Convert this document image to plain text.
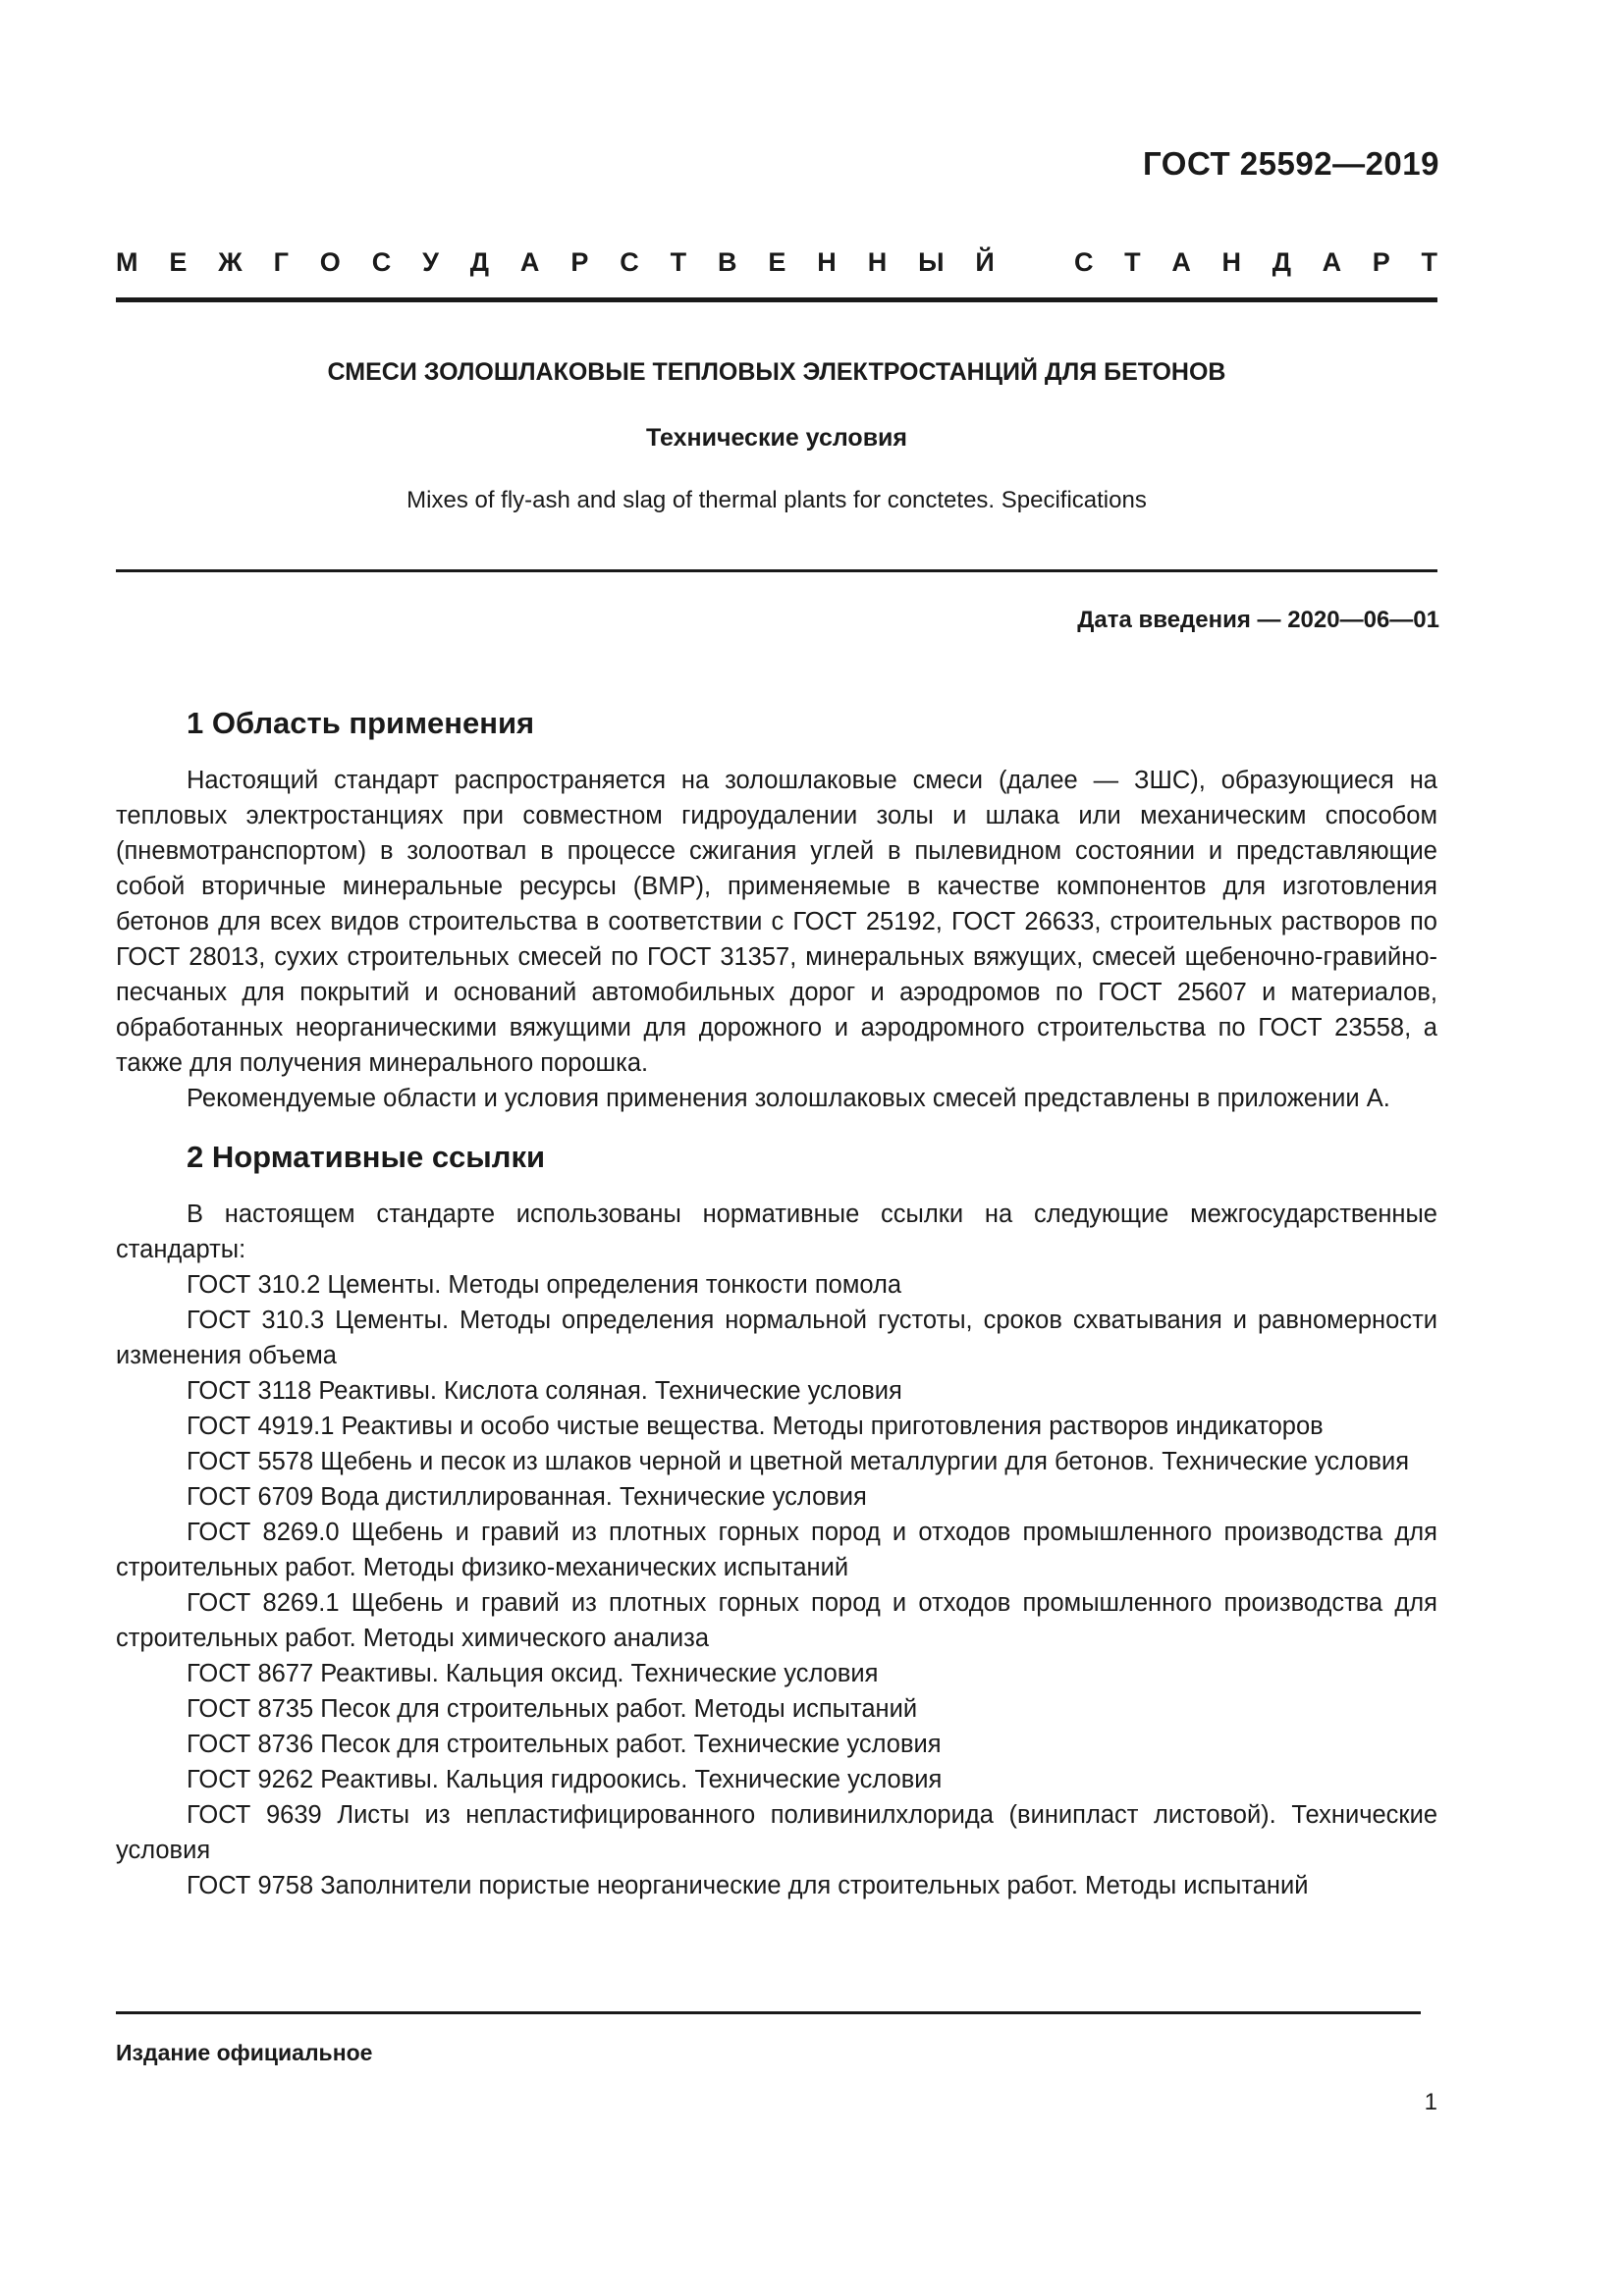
ГОСТ 25592—2019
М Е Ж Г О С У Д А Р С Т В Е Н Н Ы Й	С Т А Н Д А Р Т
СМЕСИ ЗОЛОШЛАКОВЫЕ ТЕПЛОВЫХ ЭЛЕКТРОСТАНЦИЙ ДЛЯ БЕТОНОВ
Технические условия
Mixes of fly-ash and slag of thermal plants for conctetes. Specifications
Дата введения — 2020—06—01
1 Область применения

Настоящий стандарт распространяется на золошлаковые смеси (далее — ЗШС), образующиеся на тепловых электростанциях при совместном гидроудалении золы и шлака или механическим способом (пневмотранспортом) в золоотвал в процессе сжигания углей в пылевидном состоянии и представляющие собой вторичные минеральные ресурсы (ВМР), применяемые в качестве компонентов для изготовления бетонов для всех видов строительства в соответствии с ГОСТ 25192, ГОСТ 26633, строительных растворов по ГОСТ 28013, сухих строительных смесей по ГОСТ 31357, минеральных вяжущих, смесей щебеночно-гравийно-песчаных для покрытий и оснований автомобильных дорог и аэродромов по ГОСТ 25607 и материалов, обработанных неорганическими вяжущими для дорожного и аэродромного строительства по ГОСТ 23558, а также для получения минерального порошка.

Рекомендуемые области и условия применения золошлаковых смесей представлены в приложении А.

2 Нормативные ссылки

В настоящем стандарте использованы нормативные ссылки на следующие межгосударственные стандарты:

ГОСТ 310.2 Цементы. Методы определения тонкости помола

ГОСТ 310.3 Цементы. Методы определения нормальной густоты, сроков схватывания и равномерности изменения объема

ГОСТ 3118 Реактивы. Кислота соляная. Технические условия

ГОСТ 4919.1 Реактивы и особо чистые вещества. Методы приготовления растворов индикаторов

ГОСТ 5578 Щебень и песок из шлаков черной и цветной металлургии для бетонов. Технические условия

ГОСТ 6709 Вода дистиллированная. Технические условия

ГОСТ 8269.0 Щебень и гравий из плотных горных пород и отходов промышленного производства для строительных работ. Методы физико-механических испытаний

ГОСТ 8269.1 Щебень и гравий из плотных горных пород и отходов промышленного производства для строительных работ. Методы химического анализа

ГОСТ 8677 Реактивы. Кальция оксид. Технические условия

ГОСТ 8735 Песок для строительных работ. Методы испытаний

ГОСТ 8736 Песок для строительных работ. Технические условия

ГОСТ 9262 Реактивы. Кальция гидроокись. Технические условия

ГОСТ 9639 Листы из непластифицированного поливинилхлорида (винипласт листовой). Технические условия

ГОСТ 9758 Заполнители пористые неорганические для строительных работ. Методы испытаний

Издание официальное
1
